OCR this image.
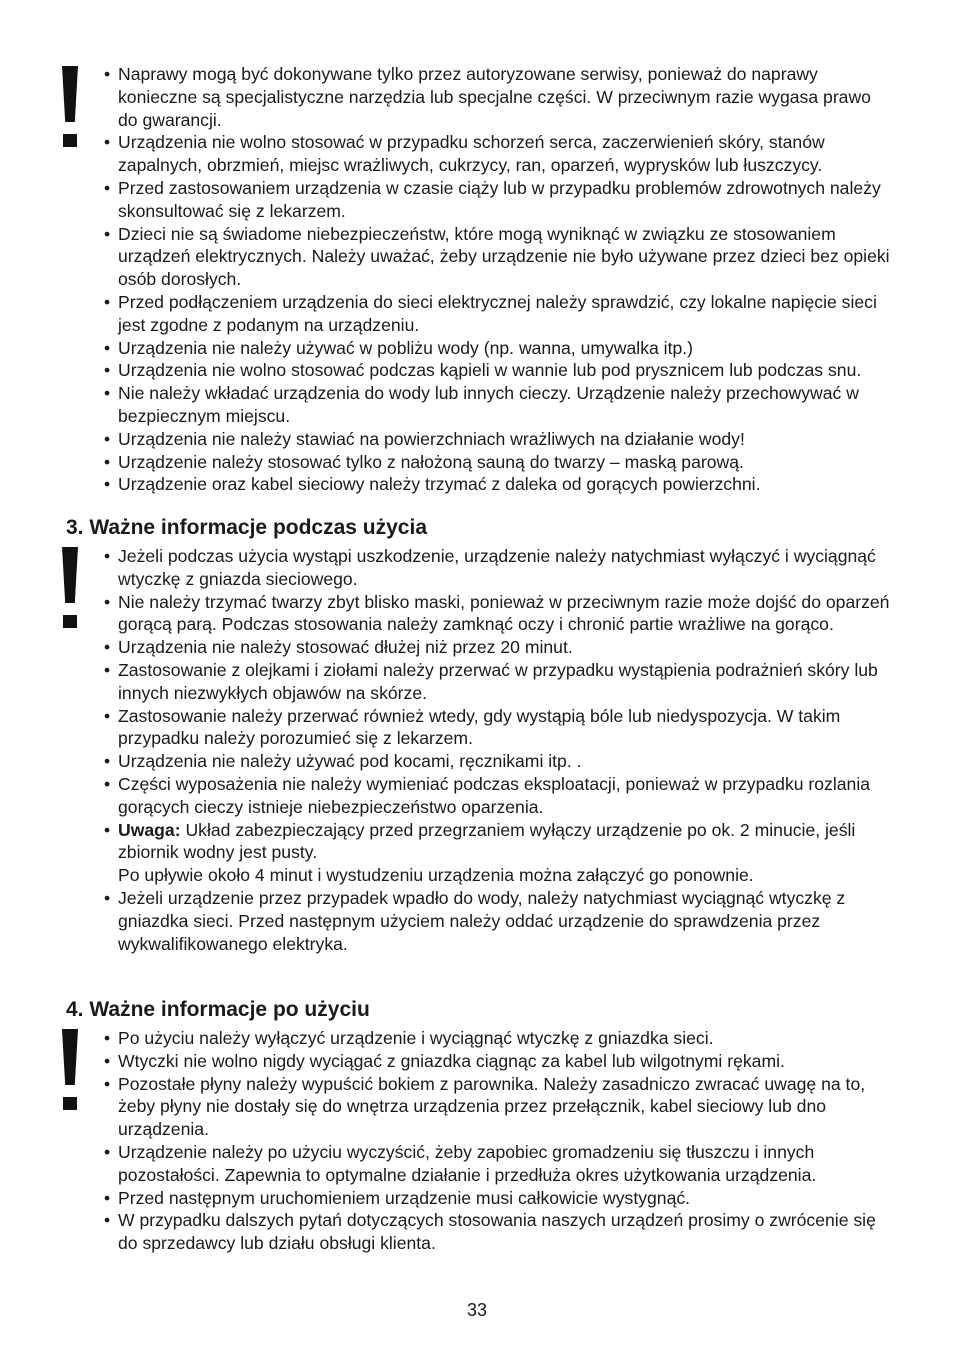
• Naprawy mogą być dokonywane tylko przez autoryzowane serwisy, ponieważ do naprawy konieczne są specjalistyczne narzędzia lub specjalne części. W przeciwnym razie wygasa prawo do gwarancji.
• Urządzenia nie wolno stosować w przypadku schorzeń serca, zaczerwienień skóry, stanów zapalnych, obrzmień, miejsc wrażliwych, cukrzycy, ran, oparzeń, wyprysków lub łuszczycy.
• Przed zastosowaniem urządzenia w czasie ciąży lub w przypadku problemów zdrowotnych należy skonsultować się z lekarzem.
• Dzieci nie są świadome niebezpieczeństw, które mogą wyniknąć w związku ze stosowaniem urządzeń elektrycznych. Należy uważać, żeby urządzenie nie było używane przez dzieci bez opieki osób dorosłych.
• Przed podłączeniem urządzenia do sieci elektrycznej należy sprawdzić, czy lokalne napięcie sieci jest zgodne z podanym na urządzeniu.
• Urządzenia nie należy używać w pobliżu wody (np. wanna, umywalka itp.)
• Urządzenia nie wolno stosować podczas kąpieli w wannie lub pod prysznicem lub podczas snu.
• Nie należy wkładać urządzenia do wody lub innych cieczy. Urządzenie należy przechowywać w bezpiecznym miejscu.
• Urządzenia nie należy stawiać na powierzchniach wrażliwych na działanie wody!
• Urządzenie należy stosować tylko z nałożoną sauną do twarzy – maską parową.
• Urządzenie oraz kabel sieciowy należy trzymać z daleka od gorących powierzchni.
3. Ważne informacje podczas użycia
• Jeżeli podczas użycia wystąpi uszkodzenie, urządzenie należy natychmiast wyłączyć i wyciągnąć wtyczkę z gniazda sieciowego.
• Nie należy trzymać twarzy zbyt blisko maski, ponieważ w przeciwnym razie może dojść do oparzeń gorącą parą. Podczas stosowania należy zamknąć oczy i chronić partie wrażliwe na gorąco.
• Urządzenia nie należy stosować dłużej niż przez 20 minut.
• Zastosowanie z olejkami i ziołami należy przerwać w przypadku wystąpienia podrażnień skóry lub innych niezwykłych objawów na skórze.
• Zastosowanie należy przerwać również wtedy, gdy wystąpią bóle lub niedyspozycja. W takim przypadku należy porozumieć się z lekarzem.
• Urządzenia nie należy używać pod kocami, ręcznikami itp. .
• Części wyposażenia nie należy wymieniać podczas eksploatacji, ponieważ w przypadku rozlania gorących cieczy istnieje niebezpieczeństwo oparzenia.
• Uwaga: Układ zabezpieczający przed przegrzaniem wyłączy urządzenie po ok. 2 minucie, jeśli zbiornik wodny jest pusty.
Po upływie około 4 minut i wystudzeniu urządzenia można załączyć go ponownie.
• Jeżeli urządzenie przez przypadek wpadło do wody, należy natychmiast wyciągnąć wtyczkę z gniazdka sieci. Przed następnym użyciem należy oddać urządzenie do sprawdzenia przez wykwalifikowanego elektryka.
4. Ważne informacje po użyciu
• Po użyciu należy wyłączyć urządzenie i wyciągnąć wtyczkę z gniazdka sieci.
• Wtyczki nie wolno nigdy wyciągać z gniazdka ciągnąc za kabel lub wilgotnymi rękami.
• Pozostałe płyny należy wypuścić bokiem z parownika. Należy zasadniczo zwracać uwagę na to, żeby płyny nie dostały się do wnętrza urządzenia przez przełącznik, kabel sieciowy lub dno urządzenia.
• Urządzenie należy po użyciu wyczyścić, żeby zapobiec gromadzeniu się tłuszczu i innych pozostałości. Zapewnia to optymalne działanie i przedłuża okres użytkowania urządzenia.
• Przed następnym uruchomieniem urządzenie musi całkowicie wystygnąć.
• W przypadku dalszych pytań dotyczących stosowania naszych urządzeń prosimy o zwrócenie się do sprzedawcy lub działu obsługi klienta.
33
